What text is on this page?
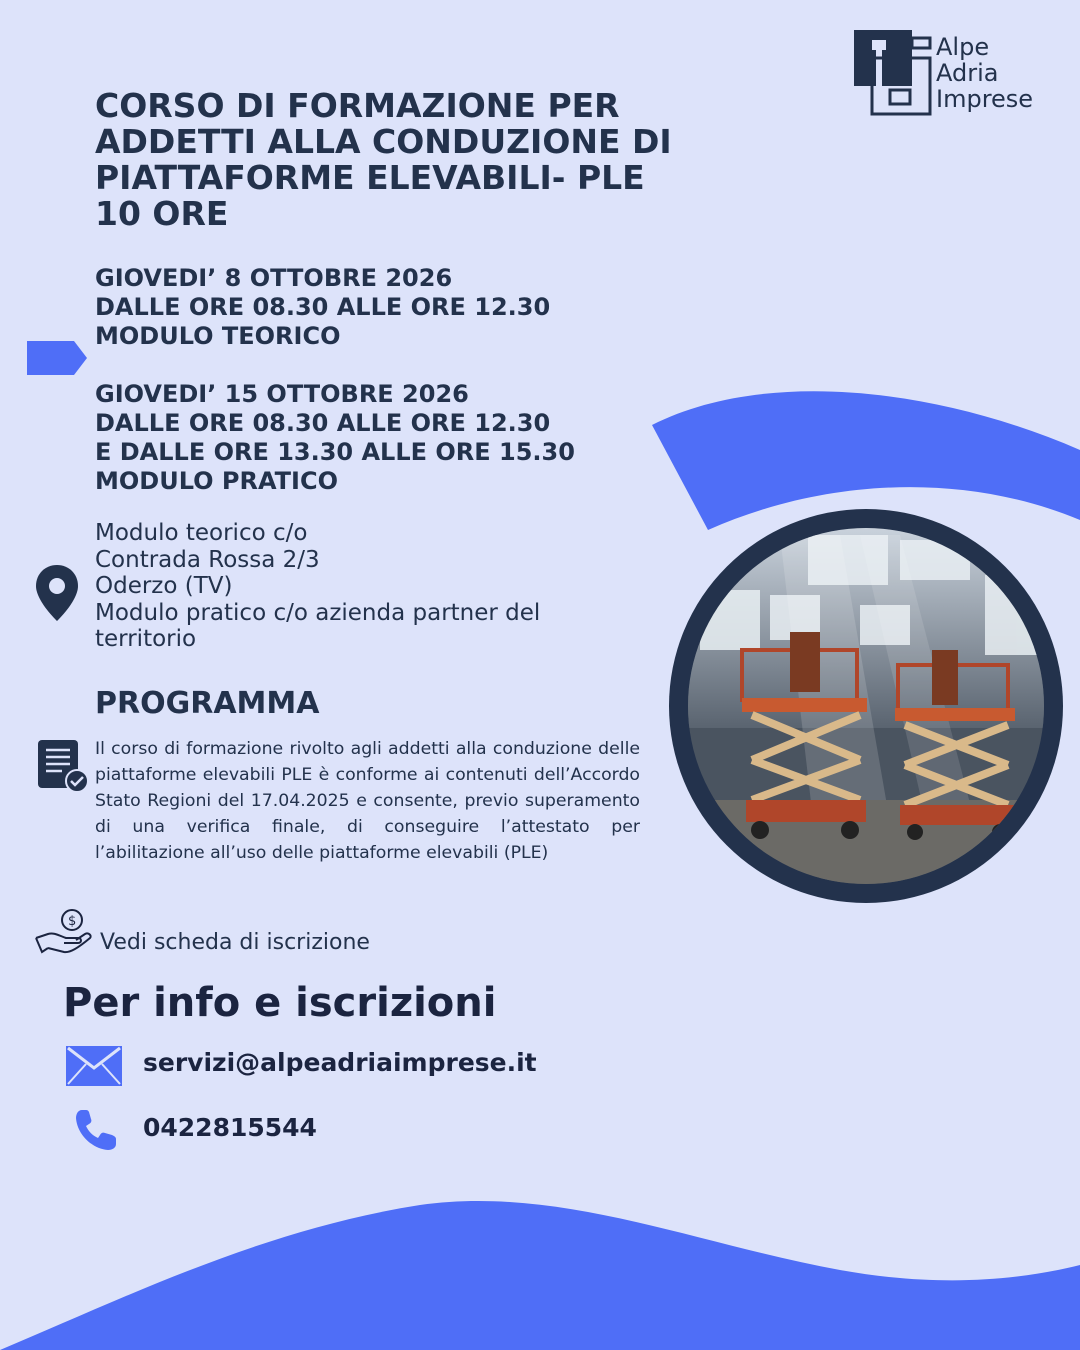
Alpe
Adria
Imprese
CORSO DI FORMAZIONE PER ADDETTI ALLA CONDUZIONE DI PIATTAFORME ELEVABILI- PLE 10 ORE
GIOVEDI’ 8 OTTOBRE 2026
DALLE ORE 08.30 ALLE ORE 12.30
MODULO TEORICO
GIOVEDI’ 15 OTTOBRE 2026
DALLE ORE 08.30 ALLE ORE 12.30
E DALLE ORE 13.30 ALLE ORE 15.30
MODULO PRATICO
Modulo teorico c/o
Contrada Rossa 2/3
Oderzo (TV)
Modulo pratico c/o azienda partner del
territorio
PROGRAMMA
Il corso di formazione rivolto agli addetti alla conduzione delle piattaforme elevabili PLE è conforme ai contenuti dell’Accordo Stato Regioni del 17.04.2025 e consente, previo superamento di una verifica finale, di conseguire l’attestato per l’abilitazione all’uso delle piattaforme elevabili (PLE)
$
Vedi scheda di iscrizione
Per info e iscrizioni
servizi@alpeadriaimprese.it
0422815544
